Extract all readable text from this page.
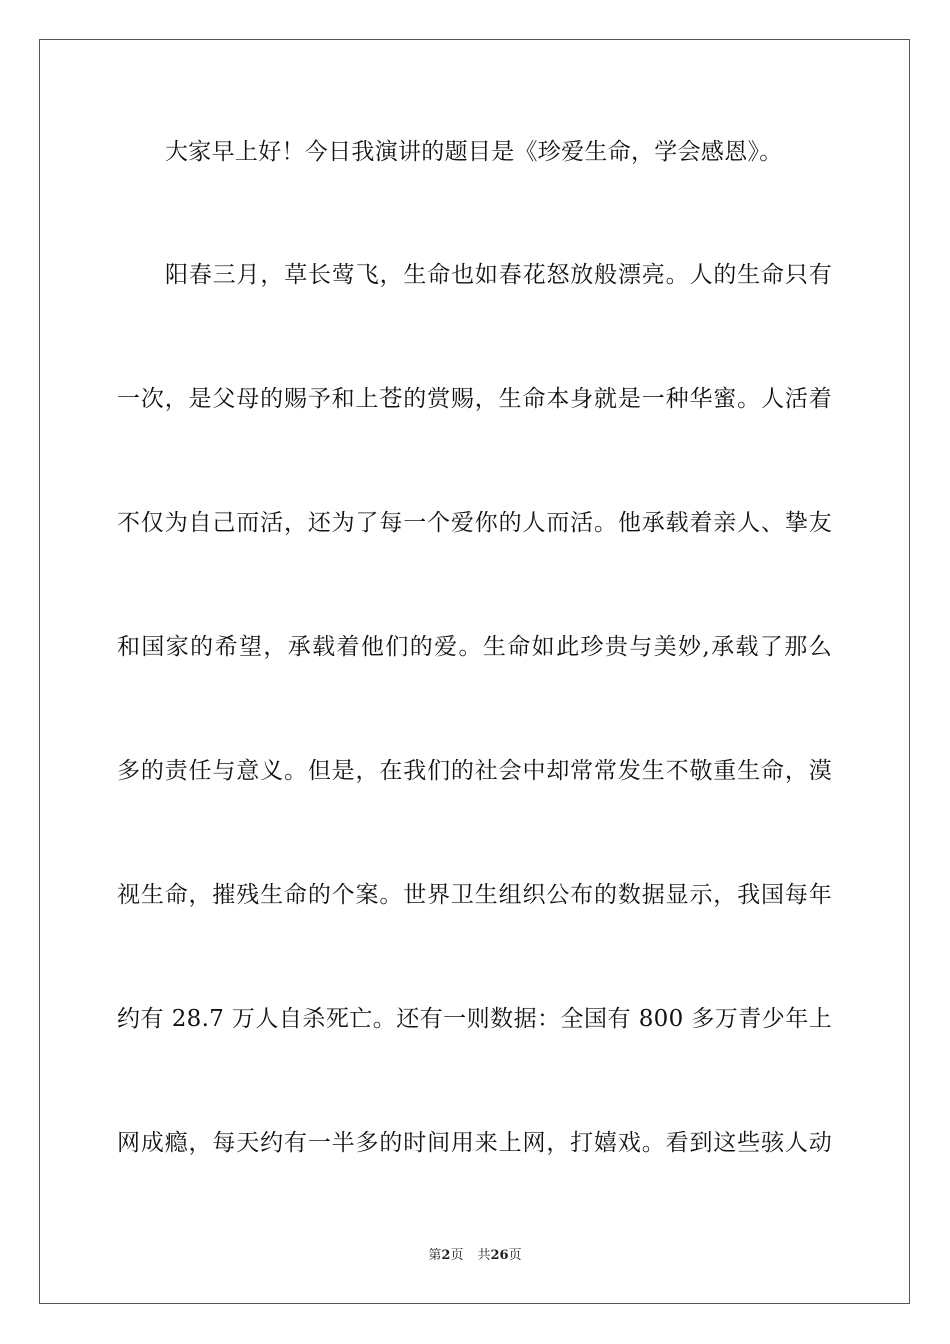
大家早上好！今日我演讲的题目是《珍爱生命，学会感恩》。
阳春三月，草长莺飞，生命也如春花怒放般漂亮。人的生命只有
一次，是父母的赐予和上苍的赏赐，生命本身就是一种华蜜。人活着
不仅为自己而活，还为了每一个爱你的人而活。他承载着亲人、挚友
和国家的希望，承载着他们的爱。生命如此珍贵与美妙,承载了那么
多的责任与意义。但是，在我们的社会中却常常发生不敬重生命，漠
视生命，摧残生命的个案。世界卫生组织公布的数据显示，我国每年
约有 28.7 万人自杀死亡。还有一则数据：全国有 800 多万青少年上
网成瘾，每天约有一半多的时间用来上网，打嬉戏。看到这些骇人动
第2页 共26页
